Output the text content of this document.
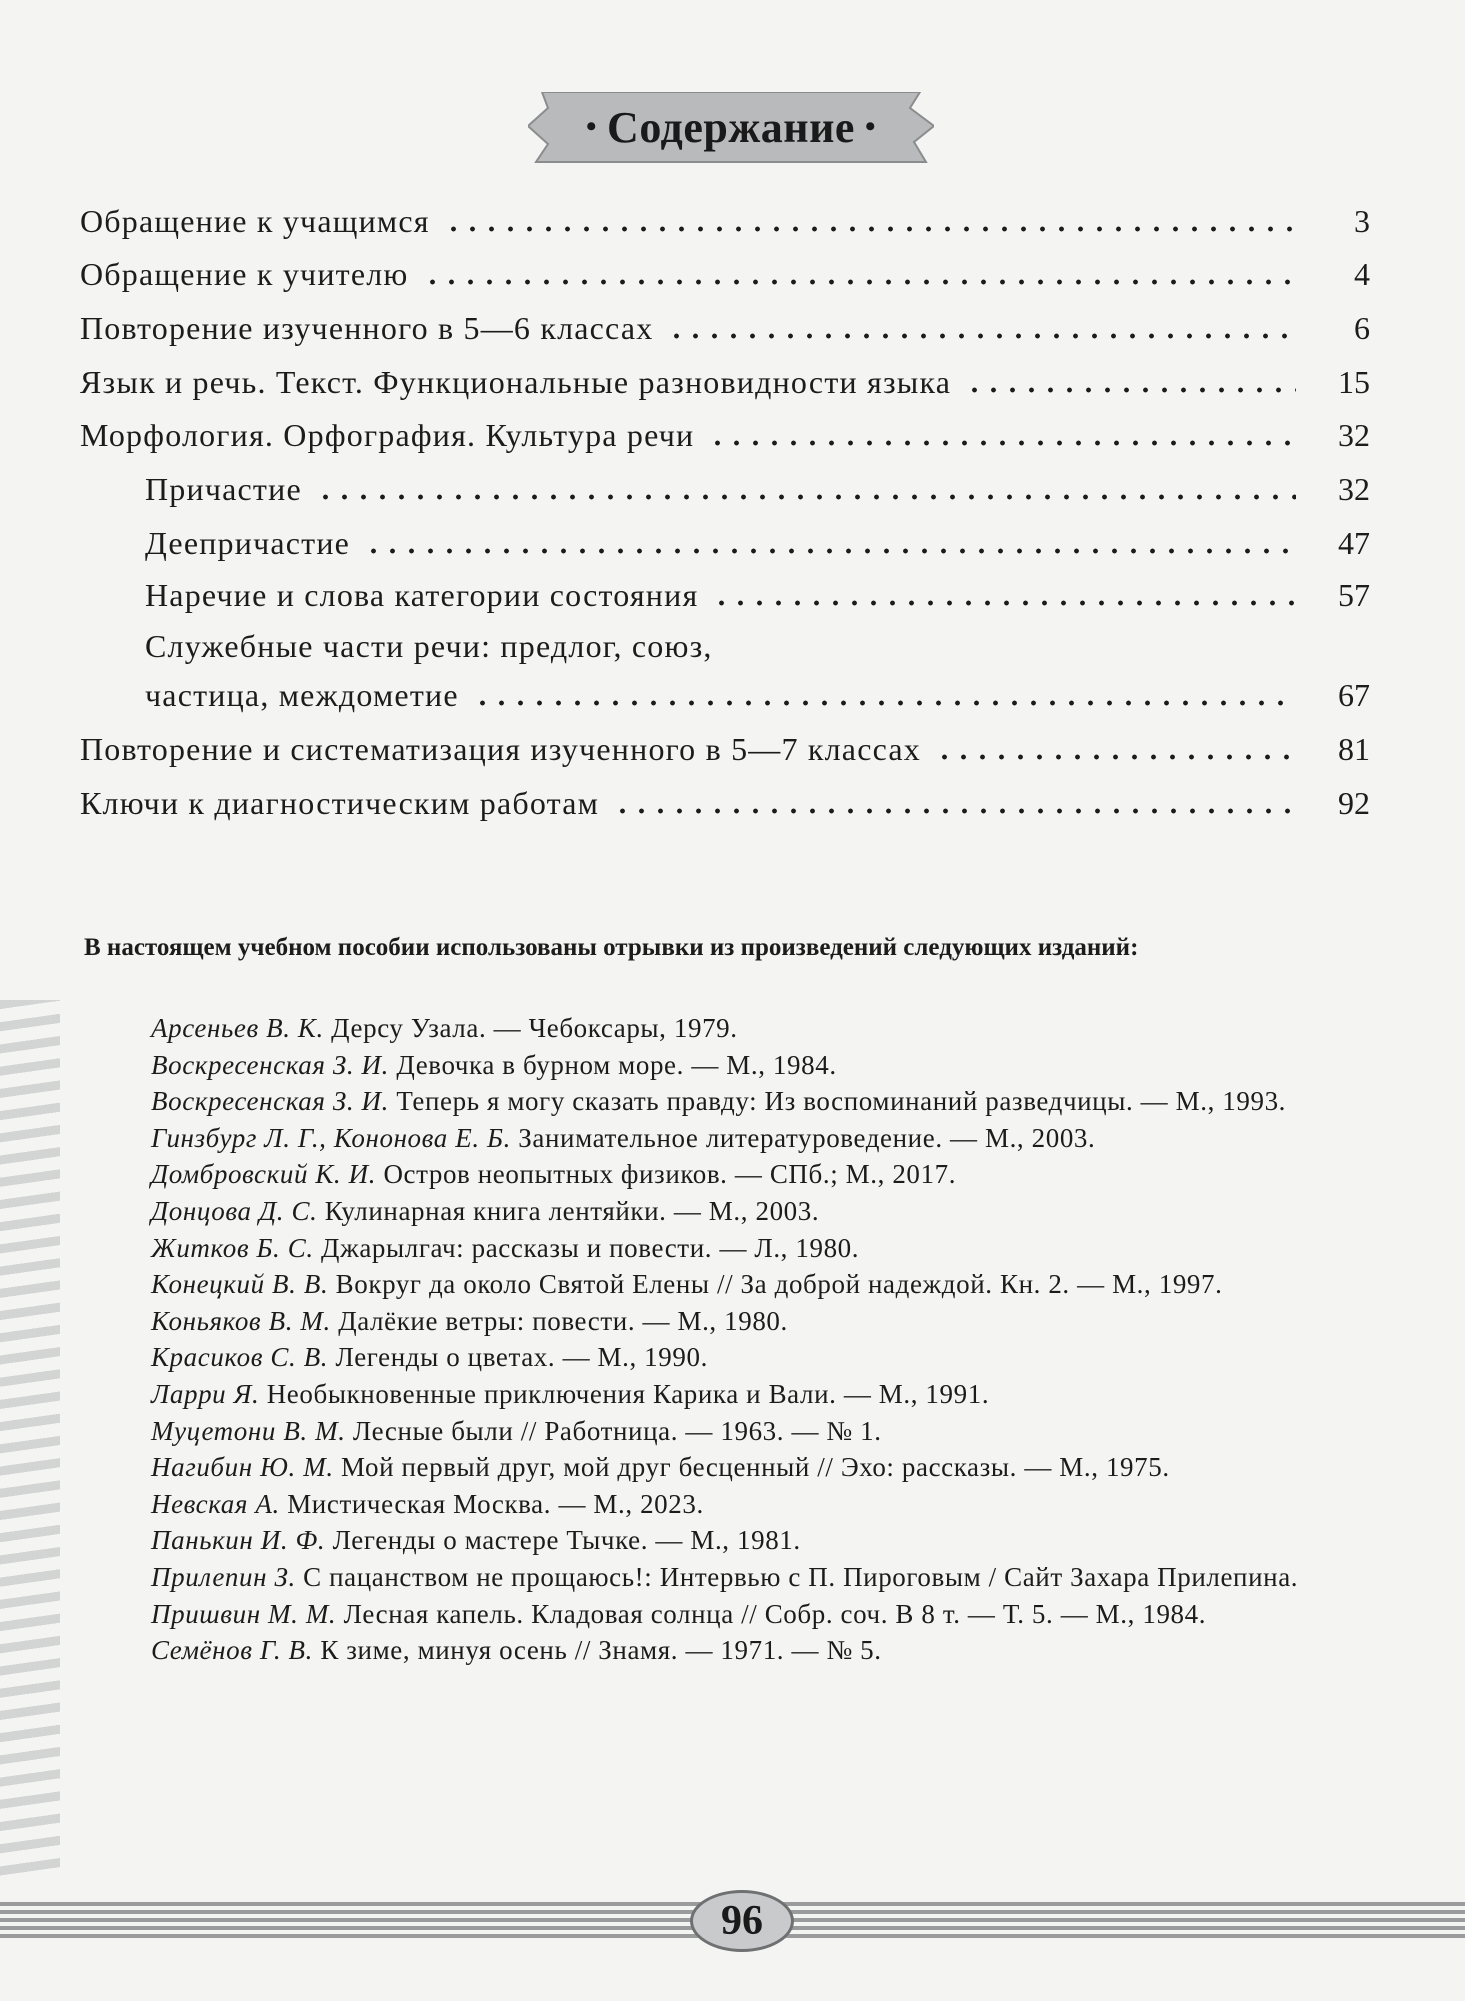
• Содержание •
Обращение к учащимся	3
Обращение к учителю	4
Повторение изученного в 5—6 классах	6
Язык и речь. Текст. Функциональные разновидности языка	15
Морфология. Орфография. Культура речи	32
Причастие	32
Деепричастие	47
Наречие и слова категории состояния	57
Служебные части речи: предлог, союз,
частица, междометие	67
Повторение и систематизация изученного в 5—7 классах	81
Ключи к диагностическим работам	92
В настоящем учебном пособии использованы отрывки из произведений следующих изданий:
Арсеньев В. К. Дерсу Узала. — Чебоксары, 1979.
Воскресенская З. И. Девочка в бурном море. — М., 1984.
Воскресенская З. И. Теперь я могу сказать правду: Из воспоминаний разведчицы. — М., 1993.
Гинзбург Л. Г., Кононова Е. Б. Занимательное литературоведение. — М., 2003.
Домбровский К. И. Остров неопытных физиков. — СПб.; М., 2017.
Донцова Д. С. Кулинарная книга лентяйки. — М., 2003.
Житков Б. С. Джарылгач: рассказы и повести. — Л., 1980.
Конецкий В. В. Вокруг да около Святой Елены // За доброй надеждой. Кн. 2. — М., 1997.
Коньяков В. М. Далёкие ветры: повести. — М., 1980.
Красиков С. В. Легенды о цветах. — М., 1990.
Ларри Я. Необыкновенные приключения Карика и Вали. — М., 1991.
Муцетони В. М. Лесные были // Работница. — 1963. — № 1.
Нагибин Ю. М. Мой первый друг, мой друг бесценный // Эхо: рассказы. — М., 1975.
Невская А. Мистическая Москва. — М., 2023.
Панькин И. Ф. Легенды о мастере Тычке. — М., 1981.
Прилепин З. С пацанством не прощаюсь!: Интервью с П. Пироговым / Сайт Захара Прилепина.
Пришвин М. М. Лесная капель. Кладовая солнца // Собр. соч. В 8 т. — Т. 5. — М., 1984.
Семёнов Г. В. К зиме, минуя осень // Знамя. — 1971. — № 5.
96
